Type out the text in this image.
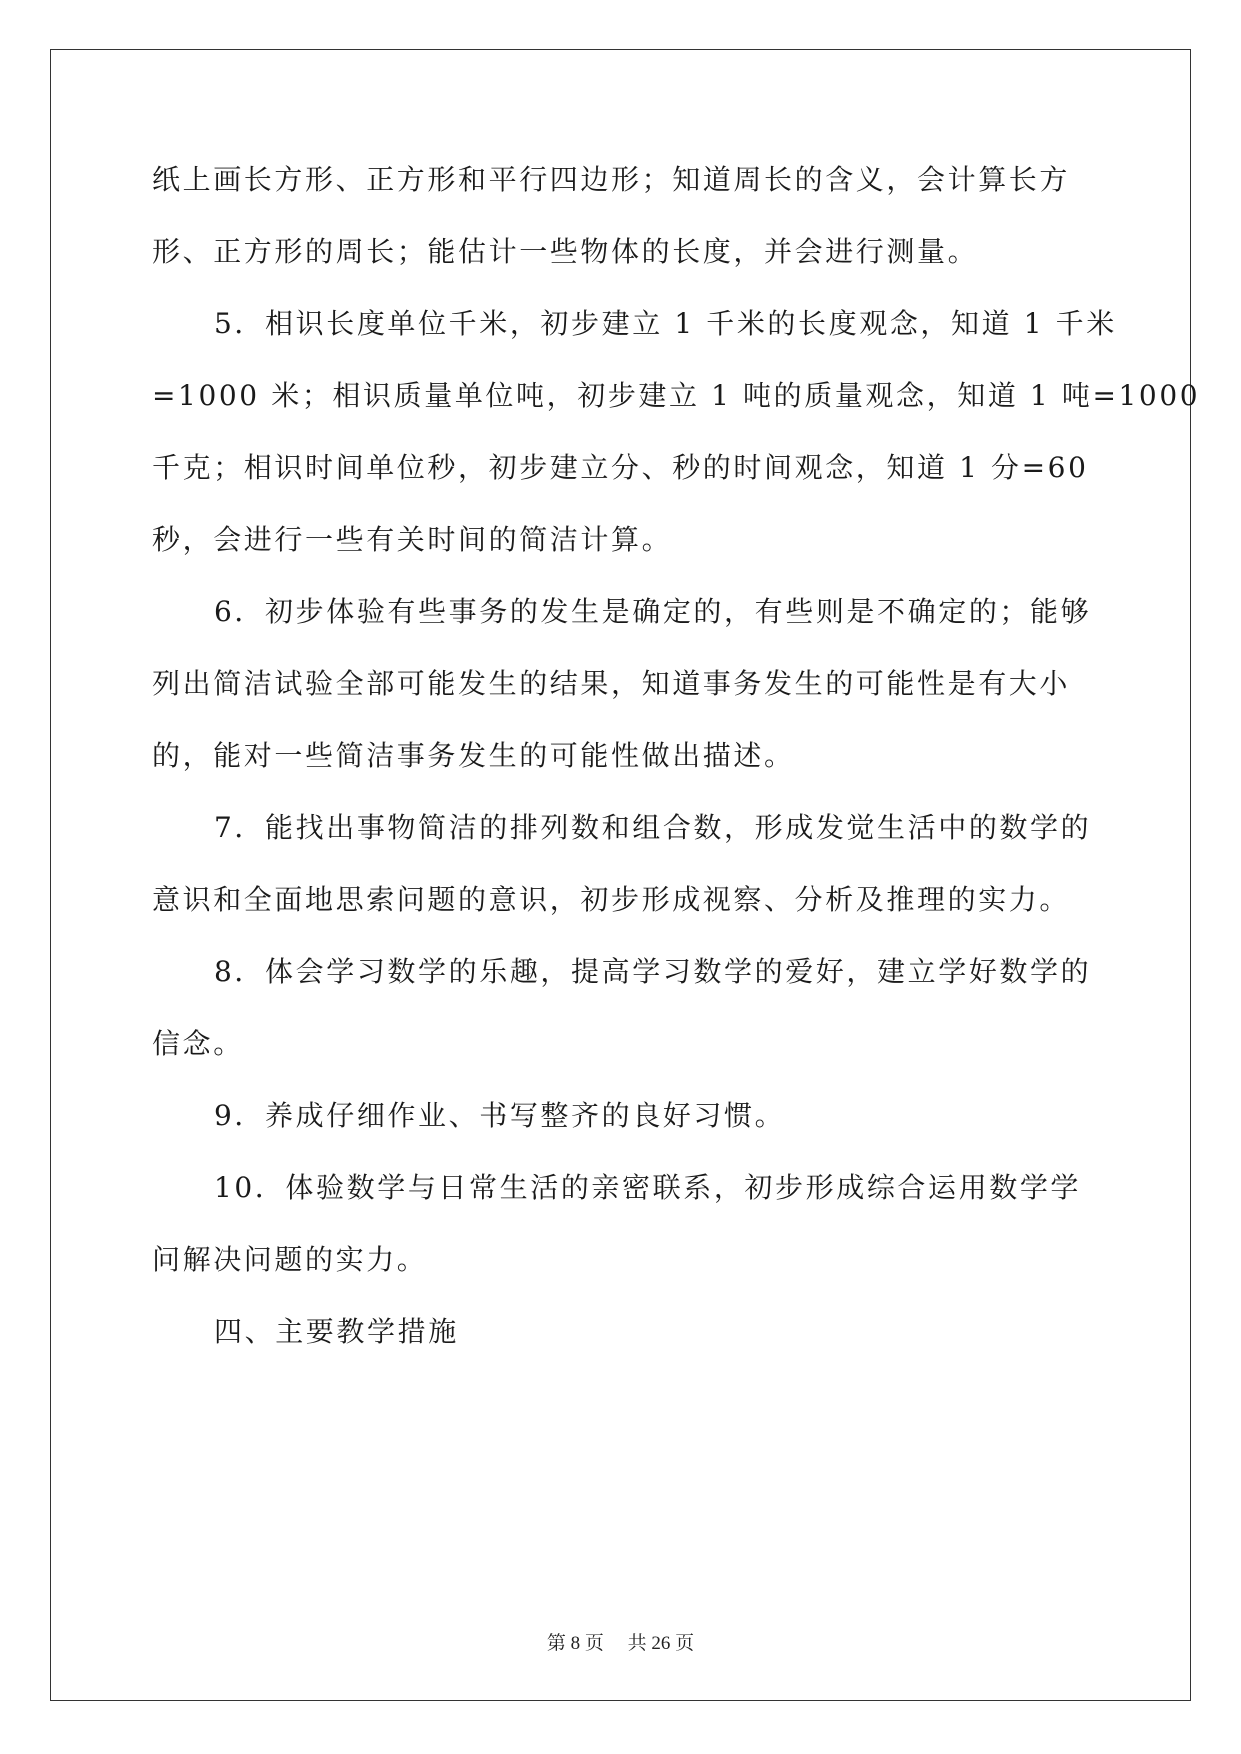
纸上画长方形、正方形和平行四边形；知道周长的含义，会计算长方
形、正方形的周长；能估计一些物体的长度，并会进行测量。
5．相识长度单位千米，初步建立 1 千米的长度观念，知道 1 千米
=1000 米；相识质量单位吨，初步建立 1 吨的质量观念，知道 1 吨=1000
千克；相识时间单位秒，初步建立分、秒的时间观念，知道 1 分=60
秒，会进行一些有关时间的简洁计算。
6．初步体验有些事务的发生是确定的，有些则是不确定的；能够
列出简洁试验全部可能发生的结果，知道事务发生的可能性是有大小
的，能对一些简洁事务发生的可能性做出描述。
7．能找出事物简洁的排列数和组合数，形成发觉生活中的数学的
意识和全面地思索问题的意识，初步形成视察、分析及推理的实力。
8．体会学习数学的乐趣，提高学习数学的爱好，建立学好数学的
信念。
9．养成仔细作业、书写整齐的良好习惯。
10．体验数学与日常生活的亲密联系，初步形成综合运用数学学
问解决问题的实力。
四、主要教学措施
第 8 页　 共 26 页
